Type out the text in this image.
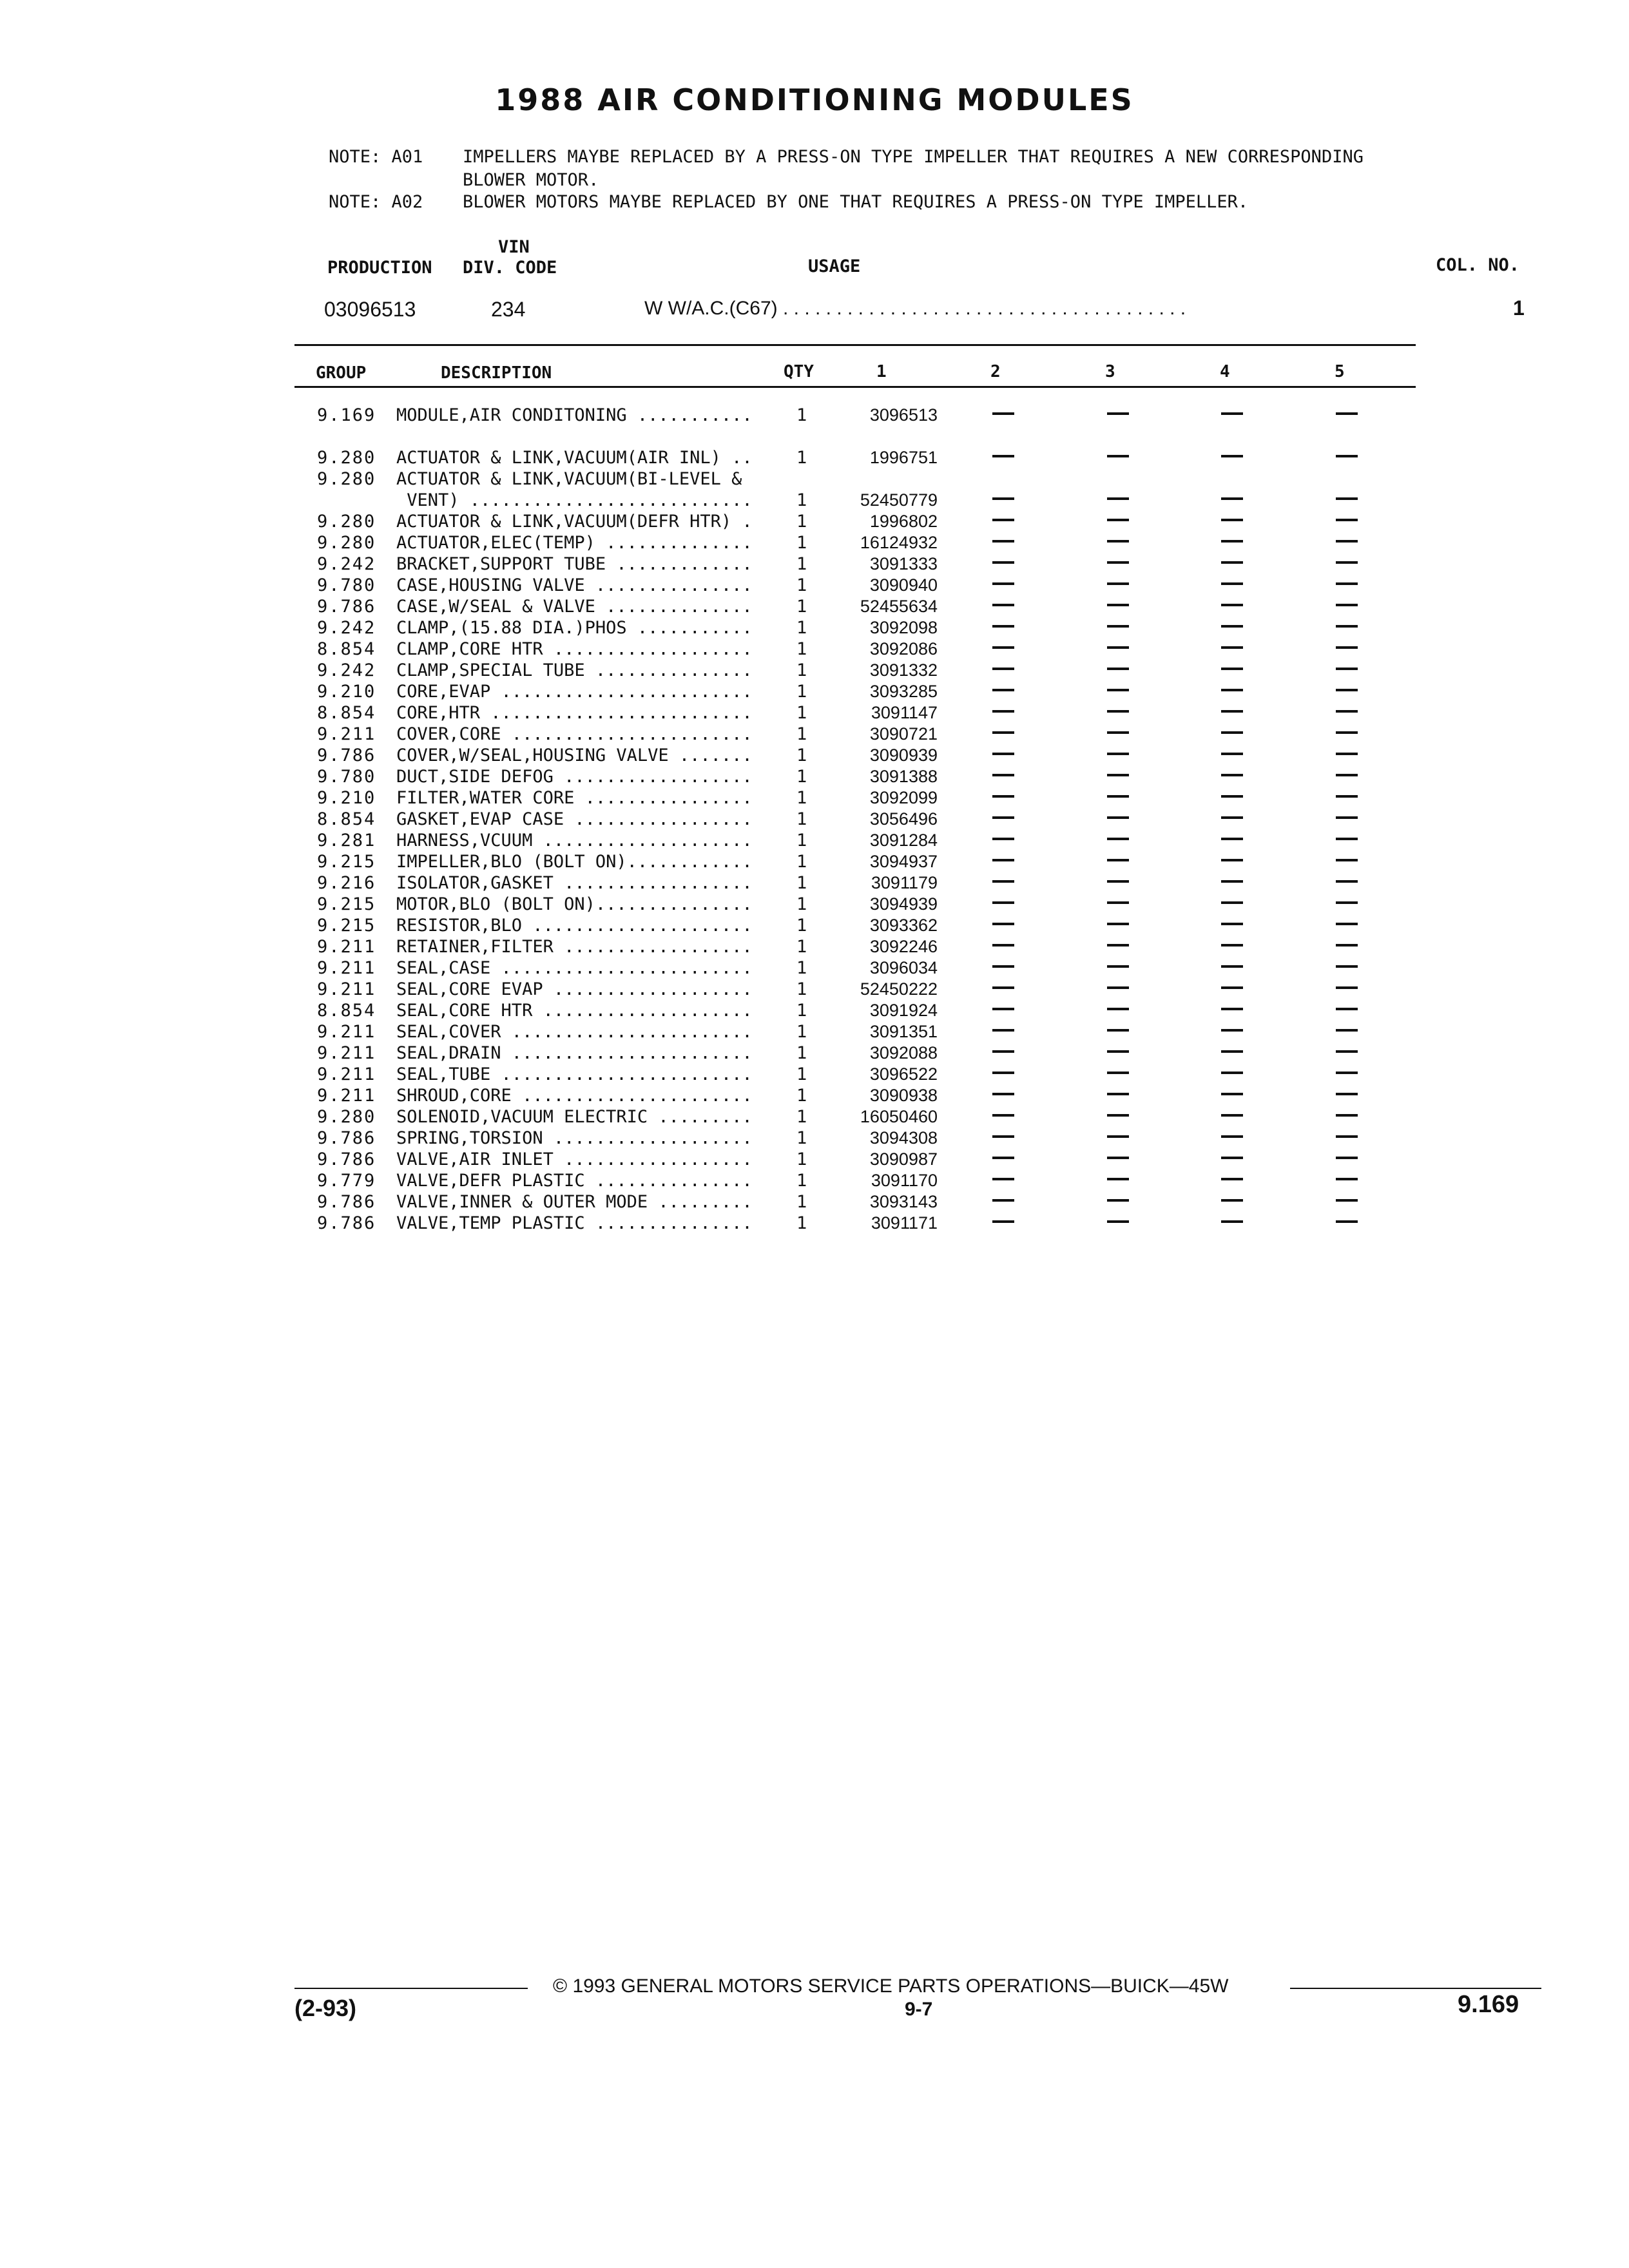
1988 AIR CONDITIONING MODULES
NOTE: A01 IMPELLERS MAYBE REPLACED BY A PRESS-ON TYPE IMPELLER THAT REQUIRES A NEW CORRESPONDING
BLOWER MOTOR.
NOTE: A02 BLOWER MOTORS MAYBE REPLACED BY ONE THAT REQUIRES A PRESS-ON TYPE IMPELLER.
VIN
PRODUCTION DIV. CODE	USAGE	COL. NO.
03096513	234	W W/A.C.(C67) . . . . . . . . . . . . . . . . . . . . . . . . . . . . . . . . . . . . . .	1
GROUP	DESCRIPTION	QTY	1	2	3	4	5
9.169 MODULE,AIR CONDITONING ...........	1	3096513
9.280 ACTUATOR & LINK,VACUUM(AIR INL) ..	1	1996751
9.280 ACTUATOR & LINK,VACUUM(BI-LEVEL &
VENT) ...........................	1	52450779
9.280 ACTUATOR & LINK,VACUUM(DEFR HTR) .	1	1996802
9.280 ACTUATOR,ELEC(TEMP) ..............	1	16124932
9.242 BRACKET,SUPPORT TUBE .............	1	3091333
9.780 CASE,HOUSING VALVE ...............	1	3090940
9.786 CASE,W/SEAL & VALVE ..............	1	52455634
9.242 CLAMP,(15.88 DIA.)PHOS ...........	1	3092098
8.854 CLAMP,CORE HTR ...................	1	3092086
9.242 CLAMP,SPECIAL TUBE ...............	1	3091332
9.210 CORE,EVAP ........................	1	3093285
8.854 CORE,HTR .........................	1	3091147
9.211 COVER,CORE .......................	1	3090721
9.786 COVER,W/SEAL,HOUSING VALVE .......	1	3090939
9.780 DUCT,SIDE DEFOG ..................	1	3091388
9.210 FILTER,WATER CORE ................	1	3092099
8.854 GASKET,EVAP CASE .................	1	3056496
9.281 HARNESS,VCUUM ....................	1	3091284
9.215 IMPELLER,BLO (BOLT ON)............	1	3094937
9.216 ISOLATOR,GASKET ..................	1	3091179
9.215 MOTOR,BLO (BOLT ON)...............	1	3094939
9.215 RESISTOR,BLO .....................	1	3093362
9.211 RETAINER,FILTER ..................	1	3092246
9.211 SEAL,CASE ........................	1	3096034
9.211 SEAL,CORE EVAP ...................	1	52450222
8.854 SEAL,CORE HTR ....................	1	3091924
9.211 SEAL,COVER .......................	1	3091351
9.211 SEAL,DRAIN .......................	1	3092088
9.211 SEAL,TUBE ........................	1	3096522
9.211 SHROUD,CORE ......................	1	3090938
9.280 SOLENOID,VACUUM ELECTRIC .........	1	16050460
9.786 SPRING,TORSION ...................	1	3094308
9.786 VALVE,AIR INLET ..................	1	3090987
9.779 VALVE,DEFR PLASTIC ...............	1	3091170
9.786 VALVE,INNER & OUTER MODE .........	1	3093143
9.786 VALVE,TEMP PLASTIC ...............	1	3091171
© 1993 GENERAL MOTORS SERVICE PARTS OPERATIONS—BUICK—45W
(2-93)	9-7	9.169
